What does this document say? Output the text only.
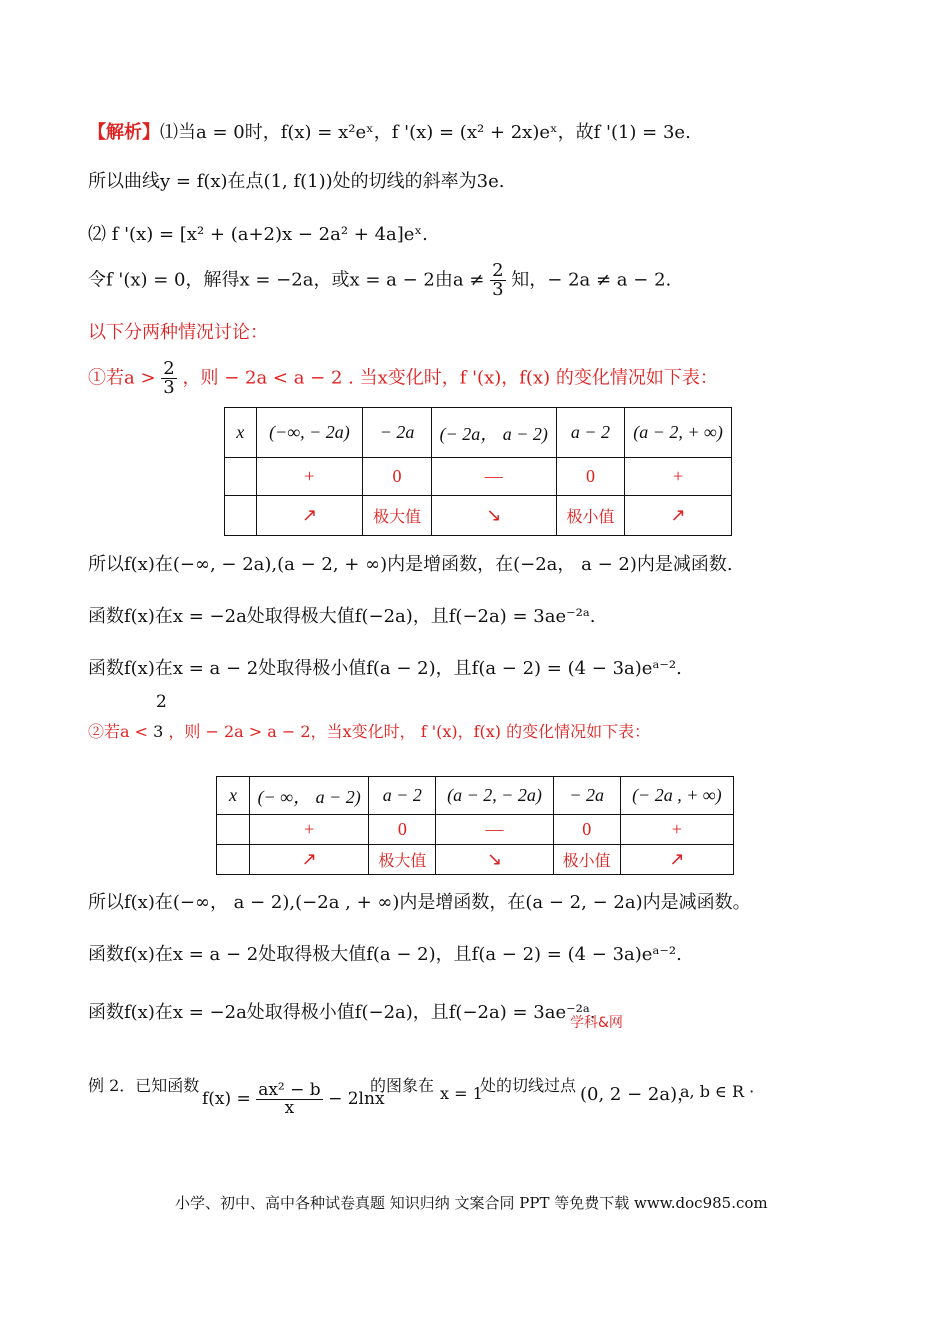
【解析】⑴当a = 0时，f(x) = x²eˣ，f '(x) = (x² + 2x)eˣ，故f '(1) = 3e.
所以曲线y = f(x)在点(1, f(1))处的切线的斜率为3e.
⑵ f '(x) = [x² + (a+2)x − 2a² + 4a]eˣ.
令f '(x) = 0，解得x = −2a，或x = a − 2由$a \ne \frac{2}{3}$ 知，− 2a ≠ a − 2.
以下分两种情况讨论：
①若$a > \frac{2}{3}$ ，则 − 2a < a − 2 . 当x变化时，f '(x)，f(x) 的变化情况如下表：
x	(−∞, − 2a)	− 2a	(− 2a， a − 2)	a − 2	(a − 2, + ∞)
	+	0	—	0	+
	↗	极大值	↘	极小值	↗
所以f(x)在(−∞, − 2a),(a − 2, + ∞)内是增函数，在(−2a， a − 2)内是减函数.
函数f(x)在x = −2a处取得极大值f(−2a)，且f(−2a) = 3ae⁻²ᵃ.
函数f(x)在x = a − 2处取得极小值f(a − 2)，且f(a − 2) = (4 − 3a)eᵃ⁻².
2
②若a < 3 ，则 − 2a > a − 2，当x变化时， f '(x)，f(x) 的变化情况如下表：
x	(− ∞， a − 2)	a − 2	(a − 2, − 2a)	− 2a	(− 2a , + ∞)
	+	0	—	0	+
	↗	极大值	↘	极小值	↗
所以f(x)在(−∞， a − 2),(−2a , + ∞)内是增函数，在(a − 2, − 2a)内是减函数。
函数f(x)在x = a − 2处取得极大值f(a − 2)，且f(a − 2) = (4 − 3a)eᵃ⁻².
函数f(x)在x = −2a处取得极小值f(−2a)，且f(−2a) = 3ae⁻²ᵃ.
学科&网
例 2．已知函数
$f(x) = \frac{\text{ax² − b}}{x} - 2\ln x$
的图象在 x = 1
处的切线过点 (0, 2 − 2a)，
a, b ∈ R ·
小学、初中、高中各种试卷真题 知识归纳 文案合同 PPT 等免费下载 www.doc985.com
